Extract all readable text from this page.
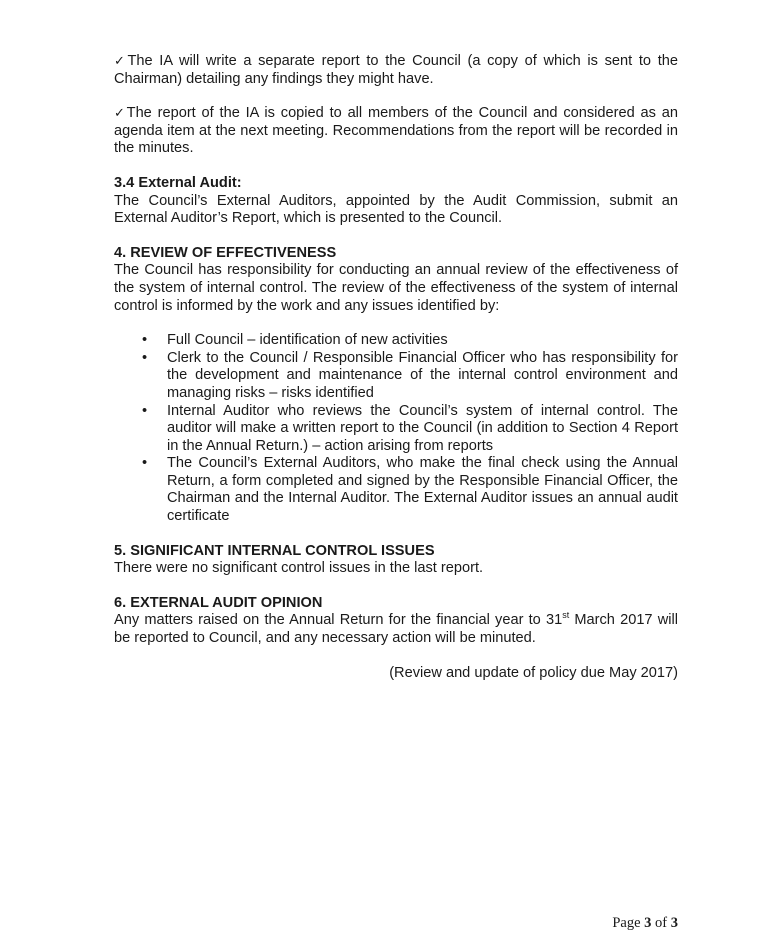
✓The IA will write a separate report to the Council (a copy of which is sent to the Chairman) detailing any findings they might have.

✓The report of the IA is copied to all members of the Council and considered as an agenda item at the next meeting. Recommendations from the report will be recorded in the minutes.

3.4 External Audit:

The Council’s External Auditors, appointed by the Audit Commission, submit an External Auditor’s Report, which is presented to the Council.

4. REVIEW OF EFFECTIVENESS

The Council has responsibility for conducting an annual review of the effectiveness of the system of internal control. The review of the effectiveness of the system of internal control is informed by the work and any issues identified by:

• Full Council – identification of new activities
• Clerk to the Council / Responsible Financial Officer who has responsibility for the development and maintenance of the internal control environment and managing risks – risks identified
• Internal Auditor who reviews the Council’s system of internal control. The auditor will make a written report to the Council (in addition to Section 4 Report in the Annual Return.) – action arising from reports
• The Council’s External Auditors, who make the final check using the Annual Return, a form completed and signed by the Responsible Financial Officer, the Chairman and the Internal Auditor. The External Auditor issues an annual audit certificate

5. SIGNIFICANT INTERNAL CONTROL ISSUES

There were no significant control issues in the last report.

6. EXTERNAL AUDIT OPINION

Any matters raised on the Annual Return for the financial year to 31st March 2017 will be reported to Council, and any necessary action will be minuted.

(Review and update of policy due May 2017)

Page 3 of 3
